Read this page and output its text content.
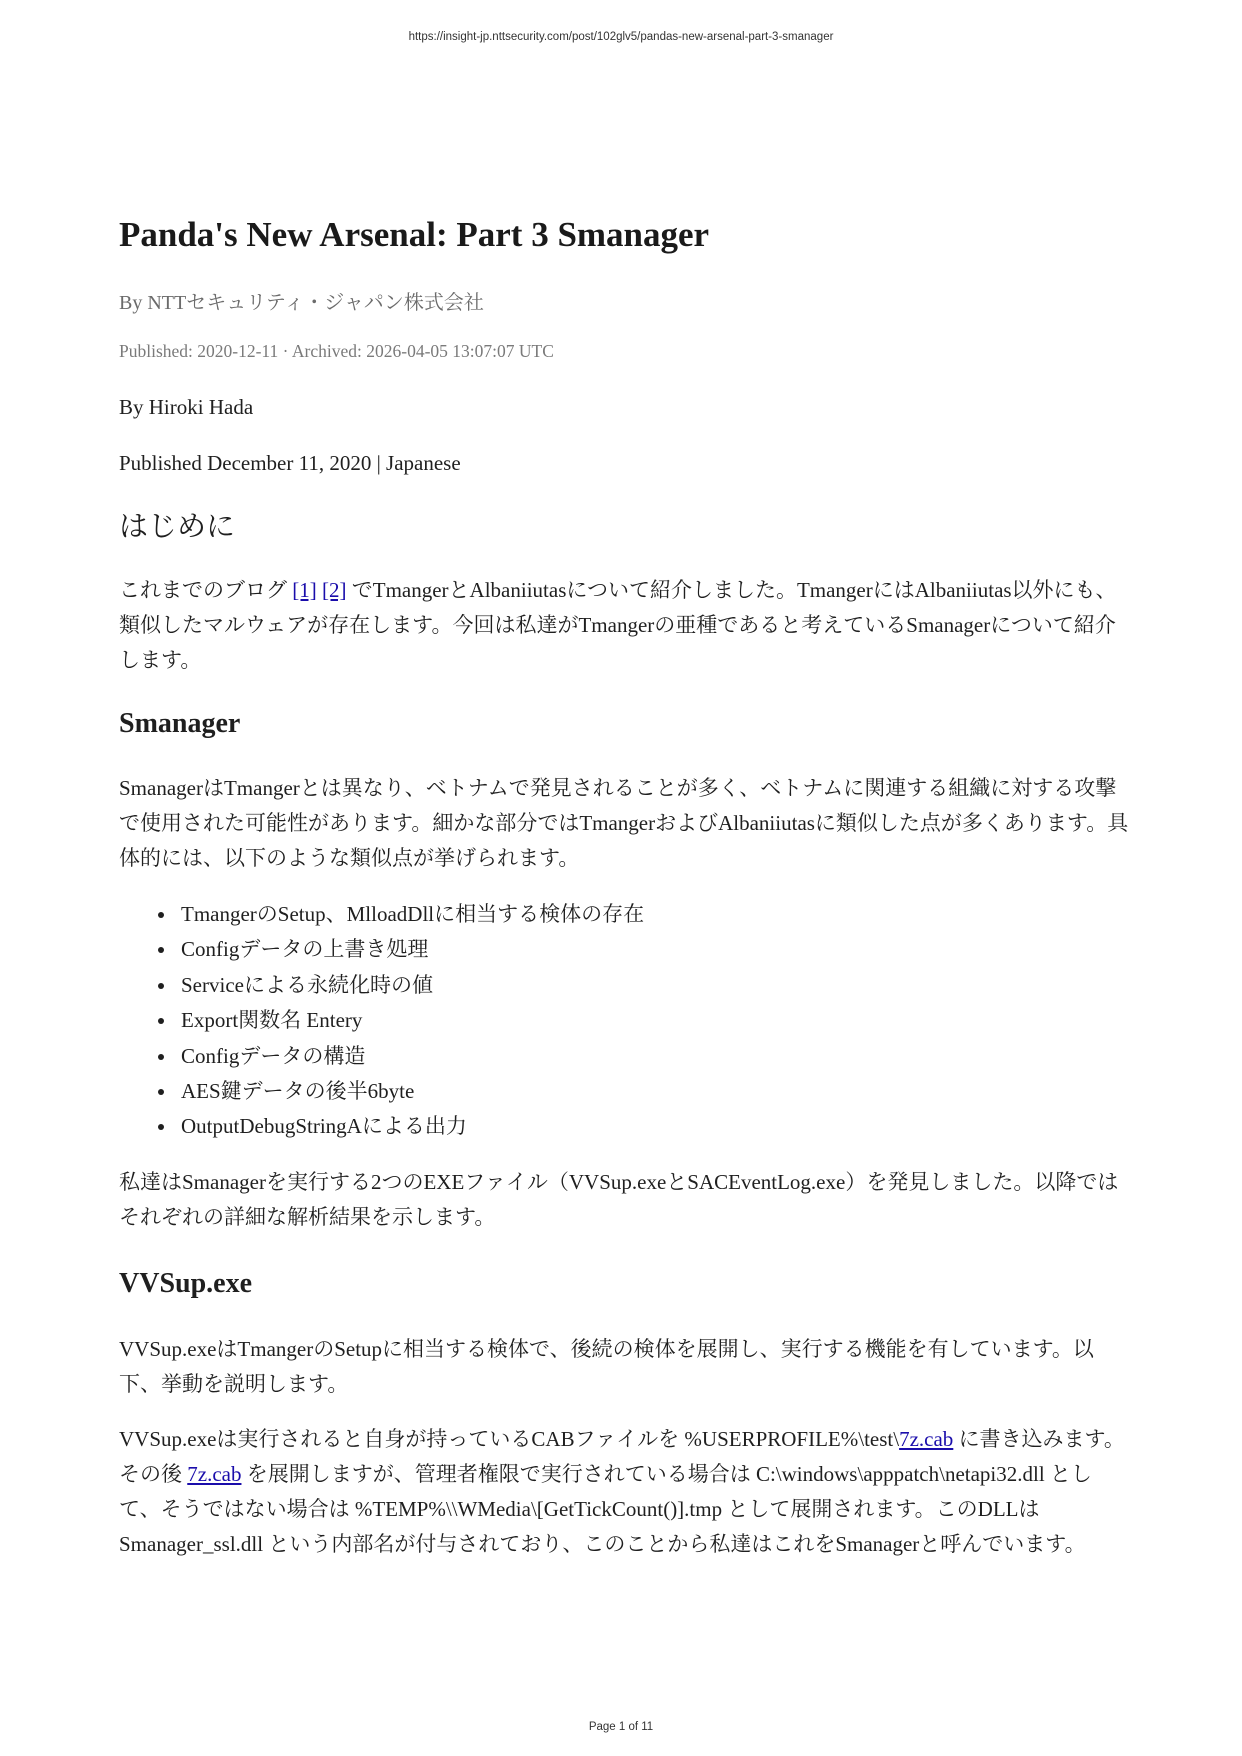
https://insight-jp.nttsecurity.com/post/102glv5/pandas-new-arsenal-part-3-smanager
Panda's New Arsenal: Part 3 Smanager

By NTTセキュリティ・ジャパン株式会社

Published: 2020-12-11 · Archived: 2026-04-05 13:07:07 UTC

By Hiroki Hada

Published December 11, 2020 | Japanese

はじめに

これまでのブログ [1] [2] でTmangerとAlbaniiutasについて紹介しました。TmangerにはAlbaniiutas以外にも、類似したマルウェアが存在します。今回は私達がTmangerの亜種であると考えているSmanagerについて紹介します。

Smanager

SmanagerはTmangerとは異なり、ベトナムで発見されることが多く、ベトナムに関連する組織に対する攻撃で使用された可能性があります。細かな部分ではTmangerおよびAlbaniiutasに類似した点が多くあります。具体的には、以下のような類似点が挙げられます。

TmangerのSetup、MlloadDllに相当する検体の存在
Configデータの上書き処理
Serviceによる永続化時の値
Export関数名 Entery
Configデータの構造
AES鍵データの後半6byte
OutputDebugStringAによる出力

私達はSmanagerを実行する2つのEXEファイル（VVSup.exeとSACEventLog.exe）を発見しました。以降ではそれぞれの詳細な解析結果を示します。

VVSup.exe

VVSup.exeはTmangerのSetupに相当する検体で、後続の検体を展開し、実行する機能を有しています。以下、挙動を説明します。

VVSup.exeは実行されると自身が持っているCABファイルを %USERPROFILE%\test\7z.cab に書き込みます。その後 7z.cab を展開しますが、管理者権限で実行されている場合は C:\windows\apppatch\netapi32.dll として、そうではない場合は %TEMP%\\WMedia\[GetTickCount()].tmp として展開されます。このDLLは Smanager_ssl.dll という内部名が付与されており、このことから私達はこれをSmanagerと呼んでいます。

Page 1 of 11
